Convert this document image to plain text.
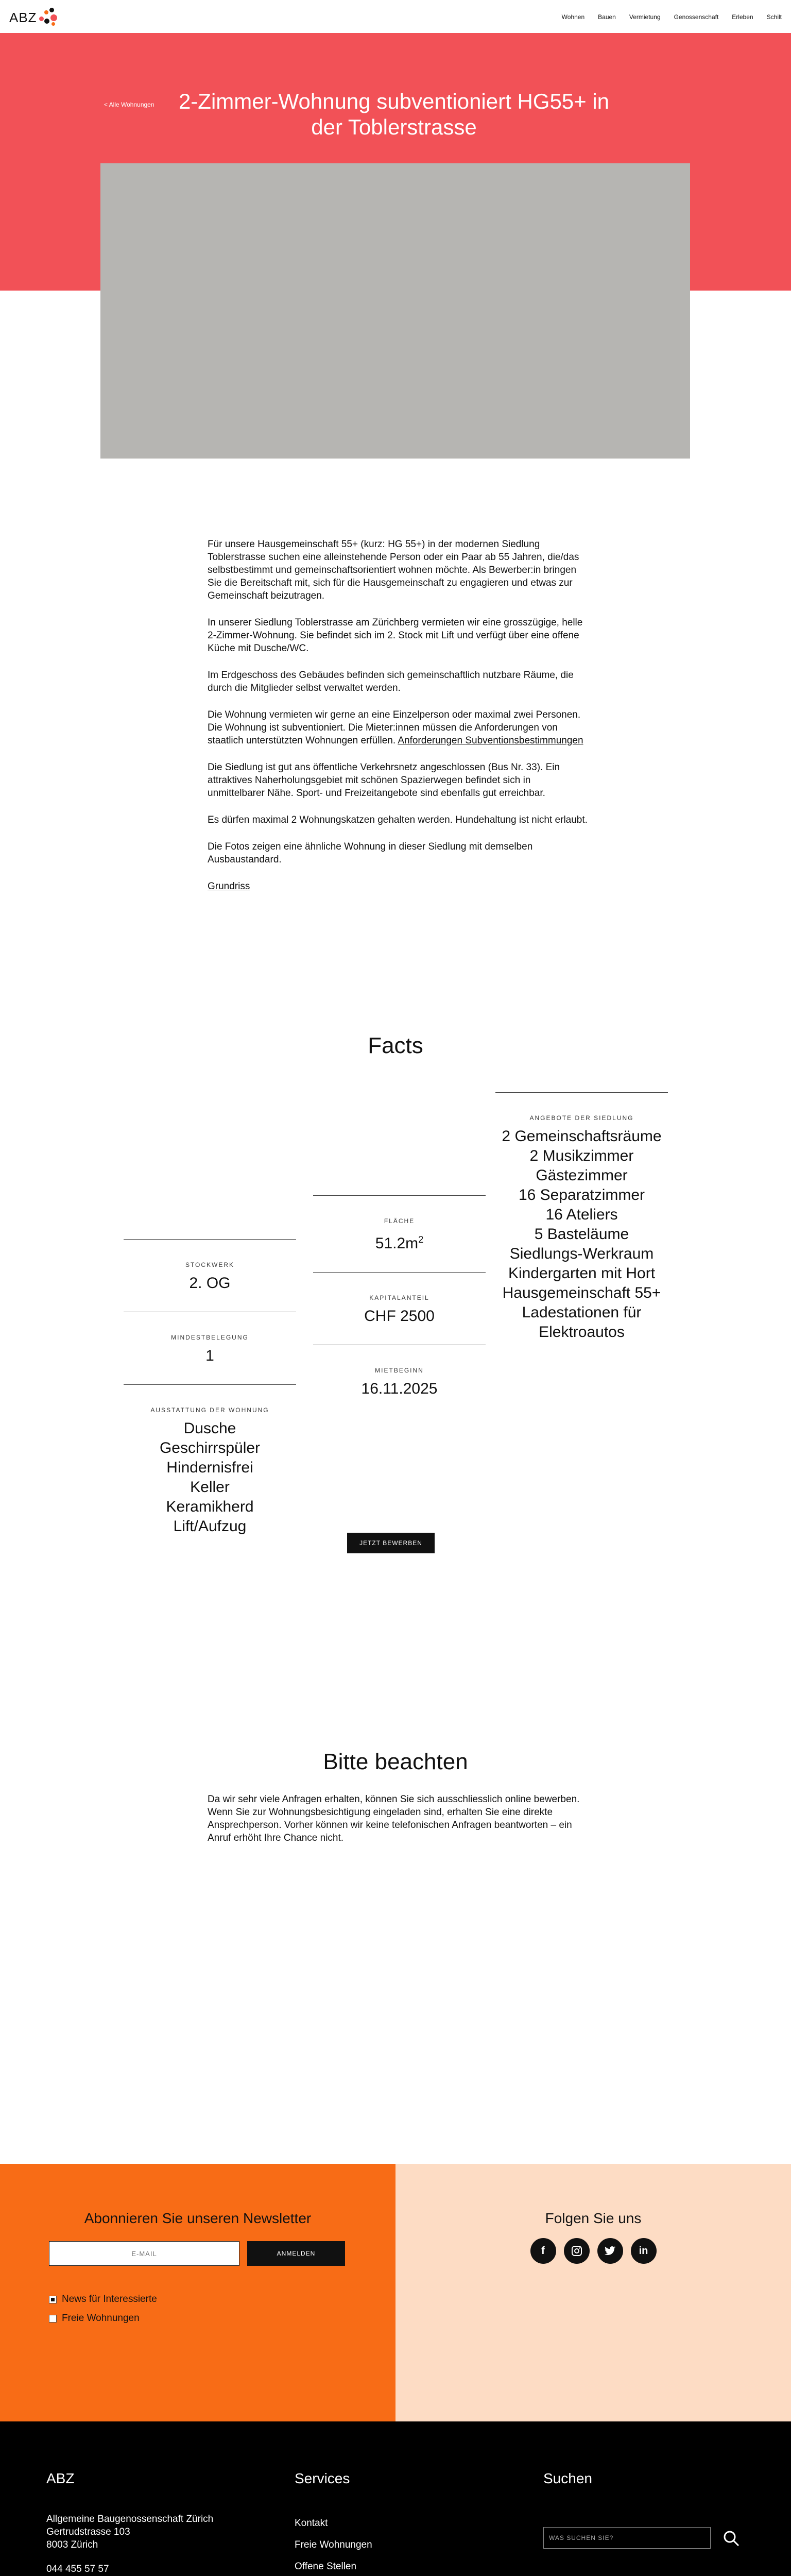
ABZ	Wohnen Bauen Vermietung Genossenschaft Erleben Schilt
< Alle Wohnungen	2-Zimmer-Wohnung subventioniert HG55+ in der Toblerstrasse

Für unsere Hausgemeinschaft 55+ (kurz: HG 55+) in der modernen Siedlung Toblerstrasse suchen eine alleinstehende Person oder ein Paar ab 55 Jahren, die/das selbstbestimmt und gemeinschaftsorientiert wohnen möchte. Als Bewerber:in bringen Sie die Bereitschaft mit, sich für die Hausgemeinschaft zu engagieren und etwas zur Gemeinschaft beizutragen.

In unserer Siedlung Toblerstrasse am Zürichberg vermieten wir eine grosszügige, helle 2-Zimmer-Wohnung. Sie befindet sich im 2. Stock mit Lift und verfügt über eine offene Küche mit Dusche/WC.

Im Erdgeschoss des Gebäudes befinden sich gemeinschaftlich nutzbare Räume, die durch die Mitglieder selbst verwaltet werden.

Die Wohnung vermieten wir gerne an eine Einzelperson oder maximal zwei Personen. Die Wohnung ist subventioniert. Die Mieter:innen müssen die Anforderungen von staatlich unterstützten Wohnungen erfüllen. Anforderungen Subventionsbestimmungen

Die Siedlung ist gut ans öffentliche Verkehrsnetz angeschlossen (Bus Nr. 33). Ein attraktives Naherholungsgebiet mit schönen Spazierwegen befindet sich in unmittelbarer Nähe. Sport- und Freizeitangebote sind ebenfalls gut erreichbar.

Es dürfen maximal 2 Wohnungskatzen gehalten werden. Hundehaltung ist nicht erlaubt.

Die Fotos zeigen eine ähnliche Wohnung in dieser Siedlung mit demselben Ausbaustandard.

Grundriss

Facts
STOCKWERK
2. OG
MINDESTBELEGUNG
1
AUSSTATTUNG DER WOHNUNG
Dusche
Geschirrspüler
Hindernisfrei
Keller
Keramikherd
Lift/Aufzug
FLÄCHE
$51.2m^2$
KAPITALANTEIL
CHF 2500
MIETBEGINN
16.11.2025
ANGEBOTE DER SIEDLUNG
2 Gemeinschaftsräume
2 Musikzimmer
Gästezimmer
16 Separatzimmer
16 Ateliers
5 Basteläume
Siedlungs-Werkraum
Kindergarten mit Hort
Hausgemeinschaft 55+
Ladestationen für Elektroautos
JETZT BEWERBEN
Bitte beachten

Da wir sehr viele Anfragen erhalten, können Sie sich ausschliesslich online bewerben. Wenn Sie zur Wohnungsbesichtigung eingeladen sind, erhalten Sie eine direkte Ansprechperson. Vorher können wir keine telefonischen Anfragen beantworten – ein Anruf erhöht Ihre Chance nicht.

Abonnieren Sie unseren Newsletter
E-MAIL
ANMELDEN
News für Interessierte
Freie Wohnungen
Folgen Sie uns
f	in
ABZ
Allgemeine Baugenossenschaft Zürich
Gertrudstrasse 103
8003 Zürich
044 455 57 57
Services
Kontakt
Freie Wohnungen
Offene Stellen
Suchen
WAS SUCHEN SIE?
